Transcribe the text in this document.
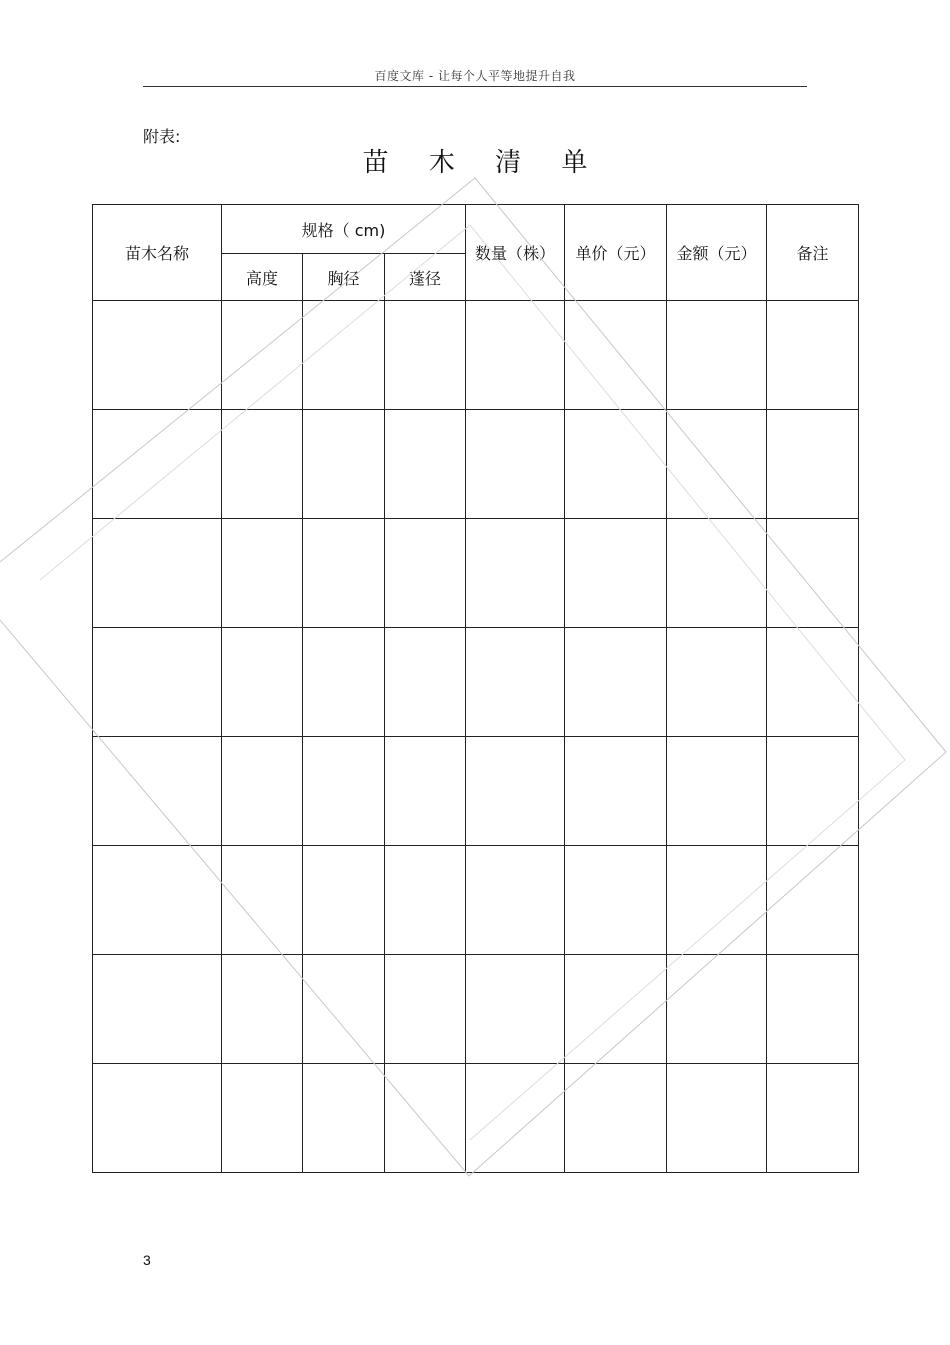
百度文库 - 让每个人平等地提升自我
附表:
苗 木 清 单
苗木名称	规格（ cm)			数量（株）	单价（元）	金额（元）	备注
	高度	胸径	蓬径				

3
